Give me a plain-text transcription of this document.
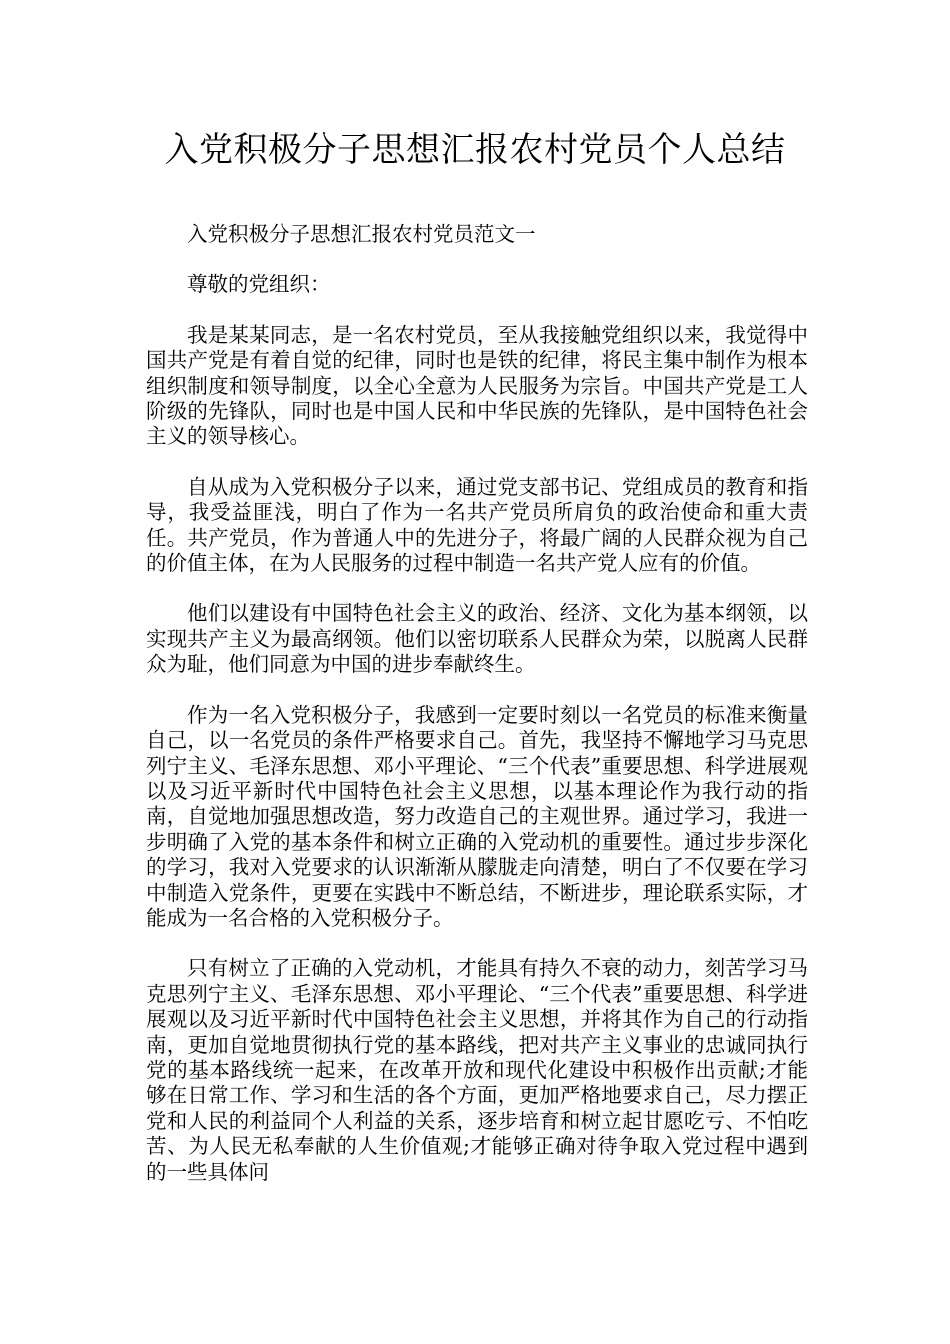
入党积极分子思想汇报农村党员个人总结

入党积极分子思想汇报农村党员范文一

尊敬的党组织：

我是某某同志，是一名农村党员，至从我接触党组织以来，我觉得中国共产党是有着自觉的纪律，同时也是铁的纪律，将民主集中制作为根本组织制度和领导制度，以全心全意为人民服务为宗旨。中国共产党是工人阶级的先锋队，同时也是中国人民和中华民族的先锋队，是中国特色社会主义的领导核心。

自从成为入党积极分子以来，通过党支部书记、党组成员的教育和指导，我受益匪浅，明白了作为一名共产党员所肩负的政治使命和重大责任。共产党员，作为普通人中的先进分子，将最广阔的人民群众视为自己的价值主体，在为人民服务的过程中制造一名共产党人应有的价值。

他们以建设有中国特色社会主义的政治、经济、文化为基本纲领，以实现共产主义为最高纲领。他们以密切联系人民群众为荣，以脱离人民群众为耻，他们同意为中国的进步奉献终生。

作为一名入党积极分子，我感到一定要时刻以一名党员的标准来衡量自己，以一名党员的条件严格要求自己。首先，我坚持不懈地学习马克思列宁主义、毛泽东思想、邓小平理论、“三个代表”重要思想、科学进展观以及习近平新时代中国特色社会主义思想，以基本理论作为我行动的指南，自觉地加强思想改造，努力改造自己的主观世界。通过学习，我进一步明确了入党的基本条件和树立正确的入党动机的重要性。通过步步深化的学习，我对入党要求的认识渐渐从朦胧走向清楚，明白了不仅要在学习中制造入党条件，更要在实践中不断总结，不断进步，理论联系实际，才能成为一名合格的入党积极分子。

只有树立了正确的入党动机，才能具有持久不衰的动力，刻苦学习马克思列宁主义、毛泽东思想、邓小平理论、“三个代表”重要思想、科学进展观以及习近平新时代中国特色社会主义思想，并将其作为自己的行动指南，更加自觉地贯彻执行党的基本路线，把对共产主义事业的忠诚同执行党的基本路线统一起来，在改革开放和现代化建设中积极作出贡献;才能够在日常工作、学习和生活的各个方面，更加严格地要求自己，尽力摆正党和人民的利益同个人利益的关系，逐步培育和树立起甘愿吃亏、不怕吃苦、为人民无私奉献的人生价值观;才能够正确对待争取入党过程中遇到的一些具体问
